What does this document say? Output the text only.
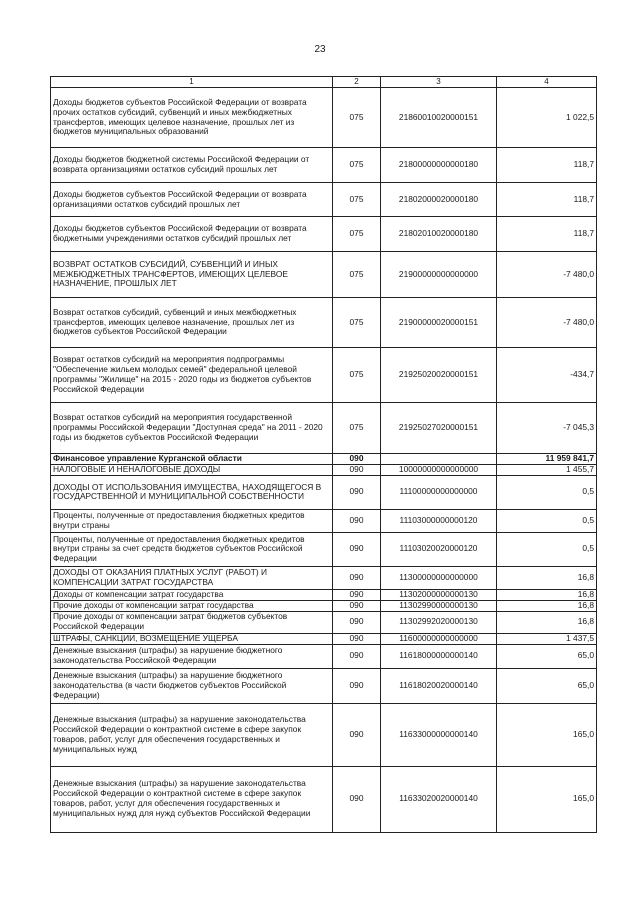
23
1	2	3	4
Доходы бюджетов субъектов Российской Федерации от возврата прочих остатков субсидий, субвенций и иных межбюджетных трансфертов, имеющих целевое назначение, прошлых лет из бюджетов муниципальных образований	075	21860010020000151	1 022,5
Доходы бюджетов бюджетной системы Российской Федерации от возврата организациями остатков субсидий прошлых лет	075	21800000000000180	118,7
Доходы бюджетов субъектов Российской Федерации от возврата организациями остатков субсидий прошлых лет	075	21802000020000180	118,7
Доходы бюджетов субъектов Российской Федерации от возврата бюджетными учреждениями остатков субсидий прошлых лет	075	21802010020000180	118,7
ВОЗВРАТ ОСТАТКОВ СУБСИДИЙ, СУБВЕНЦИЙ И ИНЫХ МЕЖБЮДЖЕТНЫХ ТРАНСФЕРТОВ, ИМЕЮЩИХ ЦЕЛЕВОЕ НАЗНАЧЕНИЕ, ПРОШЛЫХ ЛЕТ	075	21900000000000000	-7 480,0
Возврат остатков субсидий, субвенций и иных межбюджетных трансфертов, имеющих целевое назначение, прошлых лет из бюджетов субъектов Российской Федерации	075	21900000020000151	-7 480,0
Возврат остатков субсидий на мероприятия подпрограммы "Обеспечение жильем молодых семей" федеральной целевой программы "Жилище" на 2015 - 2020 годы из бюджетов субъектов Российской Федерации	075	21925020020000151	-434,7
Возврат остатков субсидий на мероприятия государственной программы Российской Федерации "Доступная среда" на 2011 - 2020 годы из бюджетов субъектов Российской Федерации	075	21925027020000151	-7 045,3
Финансовое управление Курганской области	090		11 959 841,7
НАЛОГОВЫЕ И НЕНАЛОГОВЫЕ ДОХОДЫ	090	10000000000000000	1 455,7
ДОХОДЫ ОТ ИСПОЛЬЗОВАНИЯ ИМУЩЕСТВА, НАХОДЯЩЕГОСЯ В ГОСУДАРСТВЕННОЙ И МУНИЦИПАЛЬНОЙ СОБСТВЕННОСТИ	090	11100000000000000	0,5
Проценты, полученные от предоставления бюджетных кредитов внутри страны	090	11103000000000120	0,5
Проценты, полученные от предоставления бюджетных кредитов внутри страны за счет средств бюджетов субъектов Российской Федерации	090	11103020020000120	0,5
ДОХОДЫ ОТ ОКАЗАНИЯ ПЛАТНЫХ УСЛУГ (РАБОТ) И КОМПЕНСАЦИИ ЗАТРАТ ГОСУДАРСТВА	090	11300000000000000	16,8
Доходы от компенсации затрат государства	090	11302000000000130	16,8
Прочие доходы от компенсации затрат государства	090	11302990000000130	16,8
Прочие доходы от компенсации затрат бюджетов субъектов Российской Федерации	090	11302992020000130	16,8
ШТРАФЫ, САНКЦИИ, ВОЗМЕЩЕНИЕ УЩЕРБА	090	11600000000000000	1 437,5
Денежные взыскания (штрафы) за нарушение бюджетного законодательства Российской Федерации	090	11618000000000140	65,0
Денежные взыскания (штрафы) за нарушение бюджетного законодательства (в части бюджетов субъектов Российской Федерации)	090	11618020020000140	65,0
Денежные взыскания (штрафы) за нарушение законодательства Российской Федерации о контрактной системе в сфере закупок товаров, работ, услуг для обеспечения государственных и муниципальных нужд	090	11633000000000140	165,0
Денежные взыскания (штрафы) за нарушение законодательства Российской Федерации о контрактной системе в сфере закупок товаров, работ, услуг для обеспечения государственных и муниципальных нужд для нужд субъектов Российской Федерации	090	11633020020000140	165,0
